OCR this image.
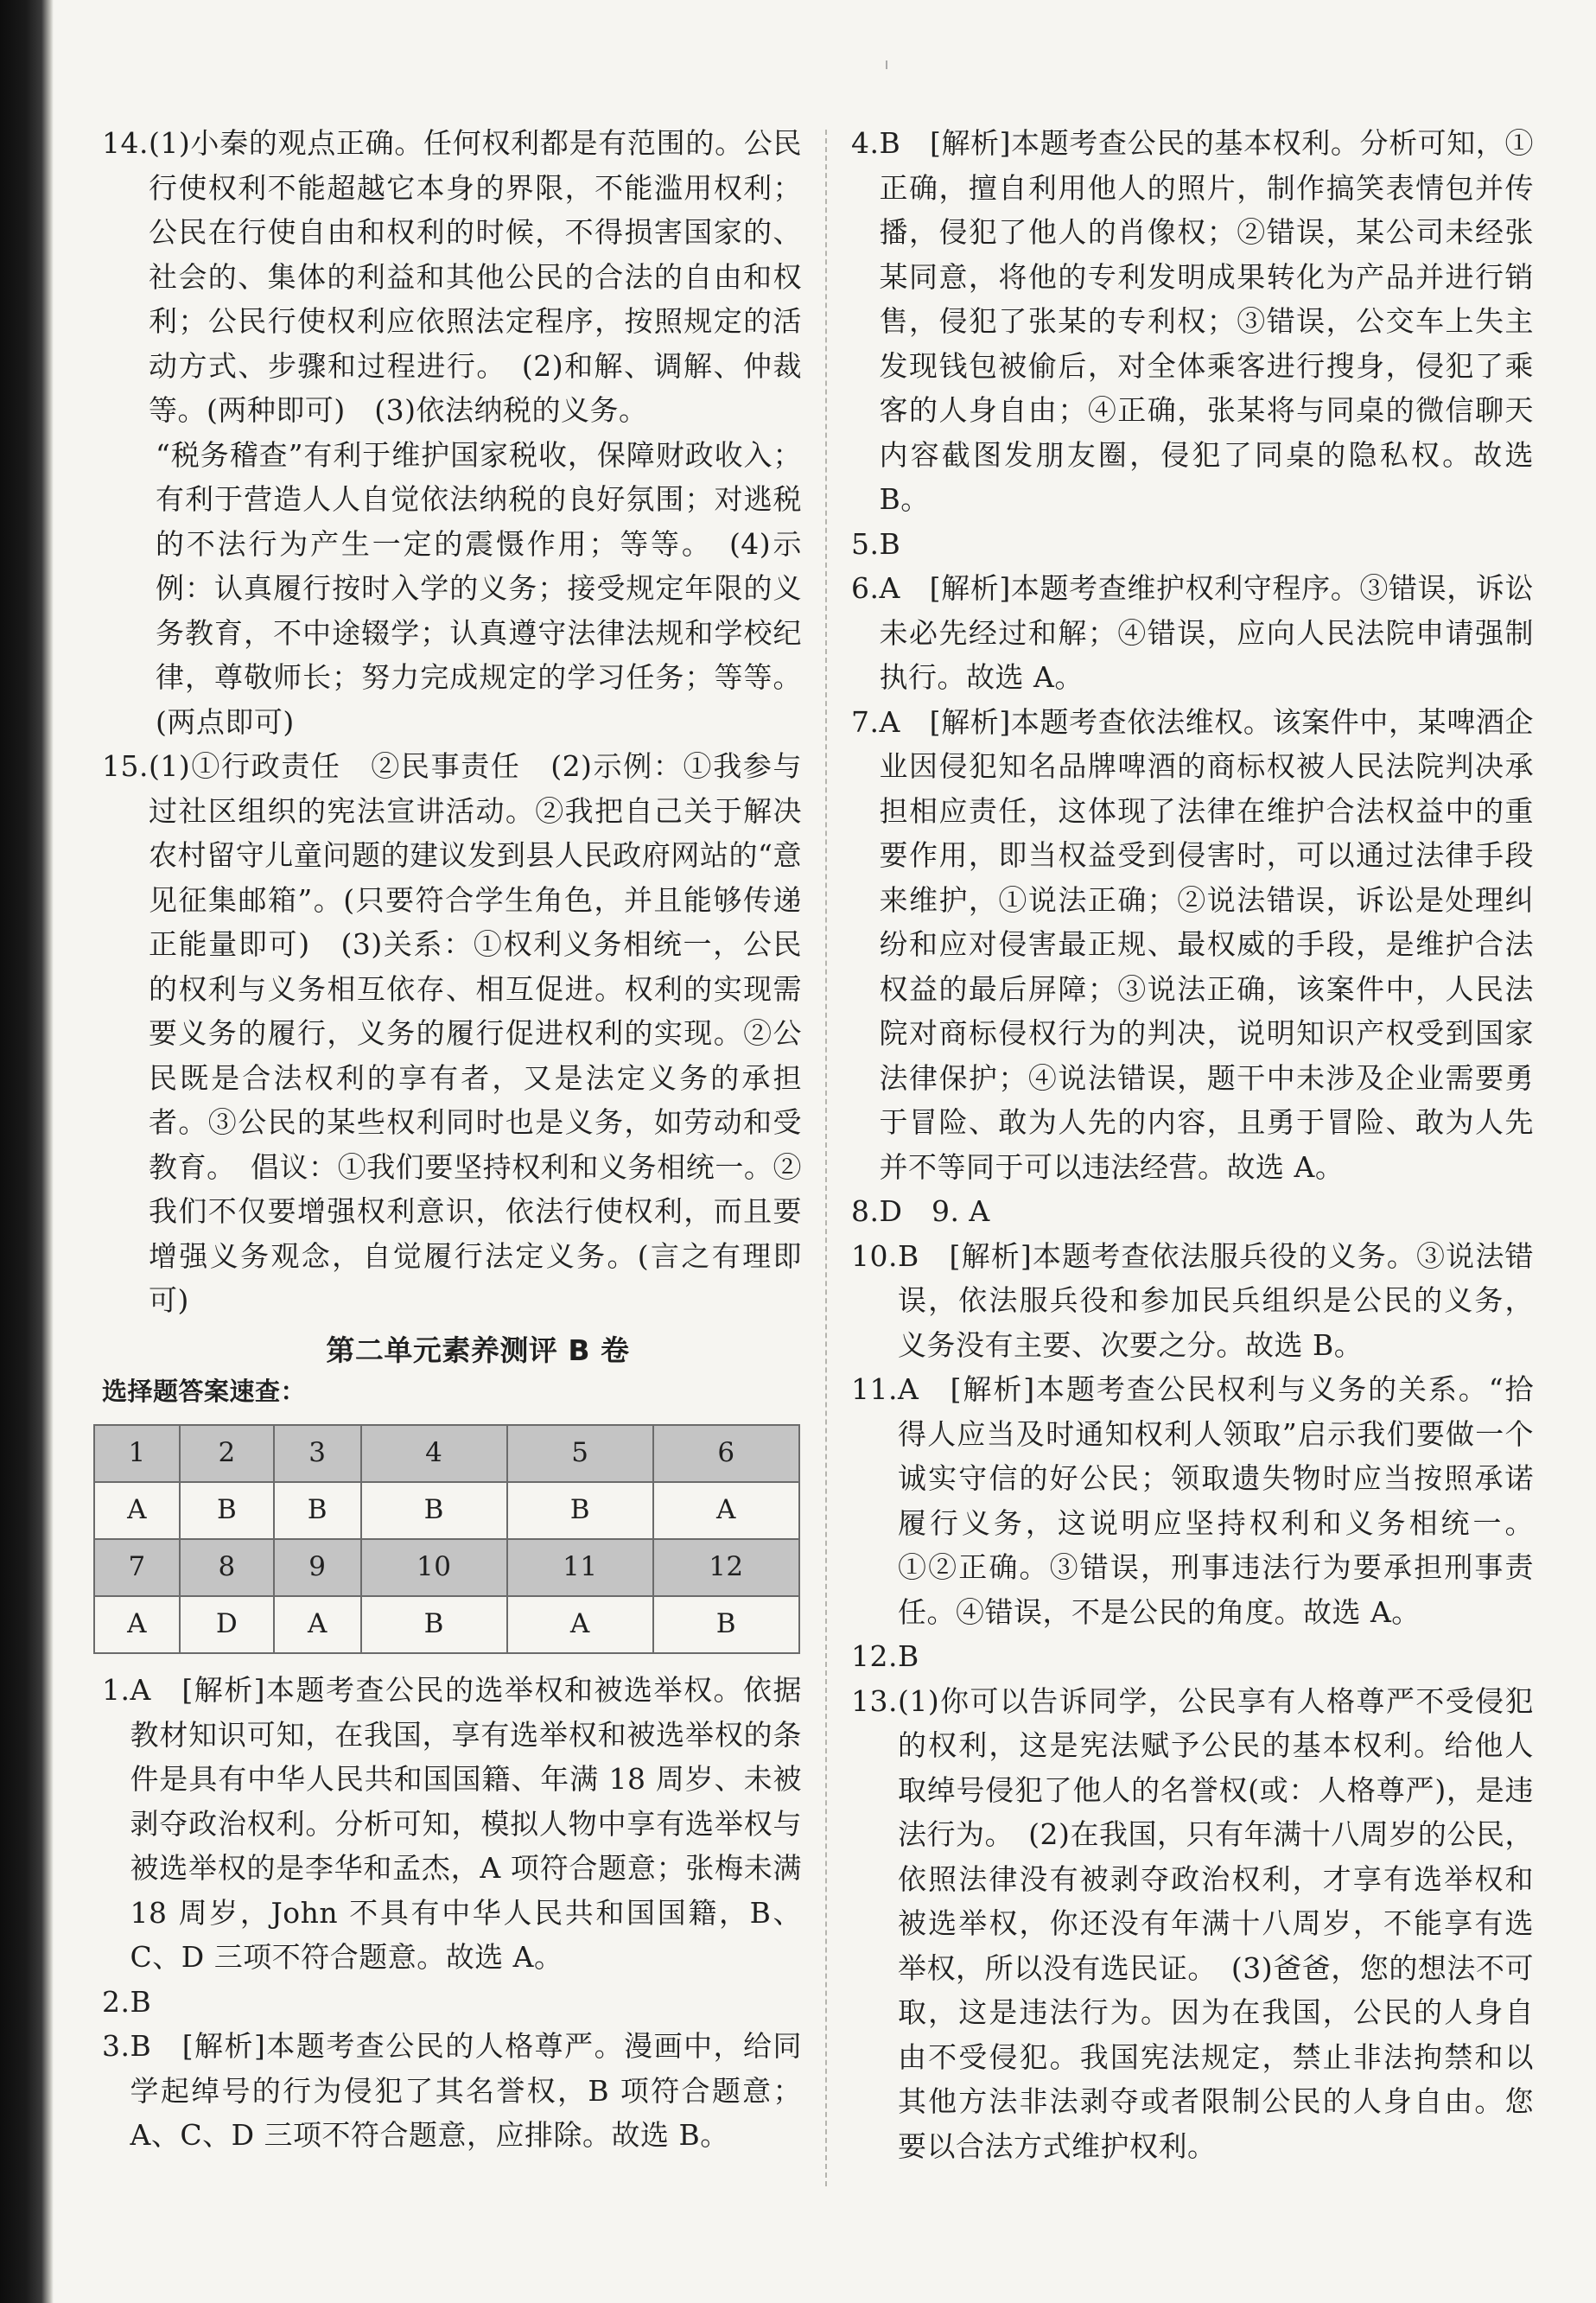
14. (1)小秦的观点正确。任何权利都是有范围的。公民行使权利不能超越它本身的界限，不能滥用权利；公民在行使自由和权利的时候，不得损害国家的、社会的、集体的利益和其他公民的合法的自由和权利；公民行使权利应依照法定程序，按照规定的活动方式、步骤和过程进行。　(2)和解、调解、仲裁等。(两种即可)　(3)依法纳税的义务。

“税务稽查”有利于维护国家税收，保障财政收入；有利于营造人人自觉依法纳税的良好氛围；对逃税的不法行为产生一定的震慑作用；等等。　(4)示例：认真履行按时入学的义务；接受规定年限的义务教育，不中途辍学；认真遵守法律法规和学校纪律，尊敬师长；努力完成规定的学习任务；等等。(两点即可)

15. (1)①行政责任　②民事责任　(2)示例：①我参与过社区组织的宪法宣讲活动。②我把自己关于解决农村留守儿童问题的建议发到县人民政府网站的“意见征集邮箱”。(只要符合学生角色，并且能够传递正能量即可)　(3)关系：①权利义务相统一，公民的权利与义务相互依存、相互促进。权利的实现需要义务的履行，义务的履行促进权利的实现。②公民既是合法权利的享有者，又是法定义务的承担者。③公民的某些权利同时也是义务，如劳动和受教育。　倡议：①我们要坚持权利和义务相统一。②我们不仅要增强权利意识，依法行使权利，而且要增强义务观念，自觉履行法定义务。(言之有理即可)
第二单元素养测评 B 卷
选择题答案速查：
1	2	3	4	5	6
A	B	B	B	B	A
7	8	9	10	11	12
A	D	A	B	A	B
1. A　[解析]本题考查公民的选举权和被选举权。依据教材知识可知，在我国，享有选举权和被选举权的条件是具有中华人民共和国国籍、年满 18 周岁、未被剥夺政治权利。分析可知，模拟人物中享有选举权与被选举权的是李华和孟杰，A 项符合题意；张梅未满 18 周岁，John 不具有中华人民共和国国籍，B、C、D 三项不符合题意。故选 A。
2. B
3. B　[解析]本题考查公民的人格尊严。漫画中，给同学起绰号的行为侵犯了其名誉权，B 项符合题意；A、C、D 三项不符合题意，应排除。故选 B。
4. B　[解析]本题考查公民的基本权利。分析可知，①正确，擅自利用他人的照片，制作搞笑表情包并传播，侵犯了他人的肖像权；②错误，某公司未经张某同意，将他的专利发明成果转化为产品并进行销售，侵犯了张某的专利权；③错误，公交车上失主发现钱包被偷后，对全体乘客进行搜身，侵犯了乘客的人身自由；④正确，张某将与同桌的微信聊天内容截图发朋友圈，侵犯了同桌的隐私权。故选 B。
5. B
6. A　[解析]本题考查维护权利守程序。③错误，诉讼未必先经过和解；④错误，应向人民法院申请强制执行。故选 A。
7. A　[解析]本题考查依法维权。该案件中，某啤酒企业因侵犯知名品牌啤酒的商标权被人民法院判决承担相应责任，这体现了法律在维护合法权益中的重要作用，即当权益受到侵害时，可以通过法律手段来维护，①说法正确；②说法错误，诉讼是处理纠纷和应对侵害最正规、最权威的手段，是维护合法权益的最后屏障；③说法正确，该案件中，人民法院对商标侵权行为的判决，说明知识产权受到国家法律保护；④说法错误，题干中未涉及企业需要勇于冒险、敢为人先的内容，且勇于冒险、敢为人先并不等同于可以违法经营。故选 A。
8. D　9. A
10. B　[解析]本题考查依法服兵役的义务。③说法错误，依法服兵役和参加民兵组织是公民的义务，义务没有主要、次要之分。故选 B。
11. A　[解析]本题考查公民权利与义务的关系。“拾得人应当及时通知权利人领取”启示我们要做一个诚实守信的好公民；领取遗失物时应当按照承诺履行义务，这说明应坚持权利和义务相统一。①②正确。③错误，刑事违法行为要承担刑事责任。④错误，不是公民的角度。故选 A。
12. B
13. (1)你可以告诉同学，公民享有人格尊严不受侵犯的权利，这是宪法赋予公民的基本权利。给他人取绰号侵犯了他人的名誉权(或：人格尊严)，是违法行为。　(2)在我国，只有年满十八周岁的公民，依照法律没有被剥夺政治权利，才享有选举权和被选举权，你还没有年满十八周岁，不能享有选举权，所以没有选民证。　(3)爸爸，您的想法不可取，这是违法行为。因为在我国，公民的人身自由不受侵犯。我国宪法规定，禁止非法拘禁和以其他方法非法剥夺或者限制公民的人身自由。您要以合法方式维护权利。
